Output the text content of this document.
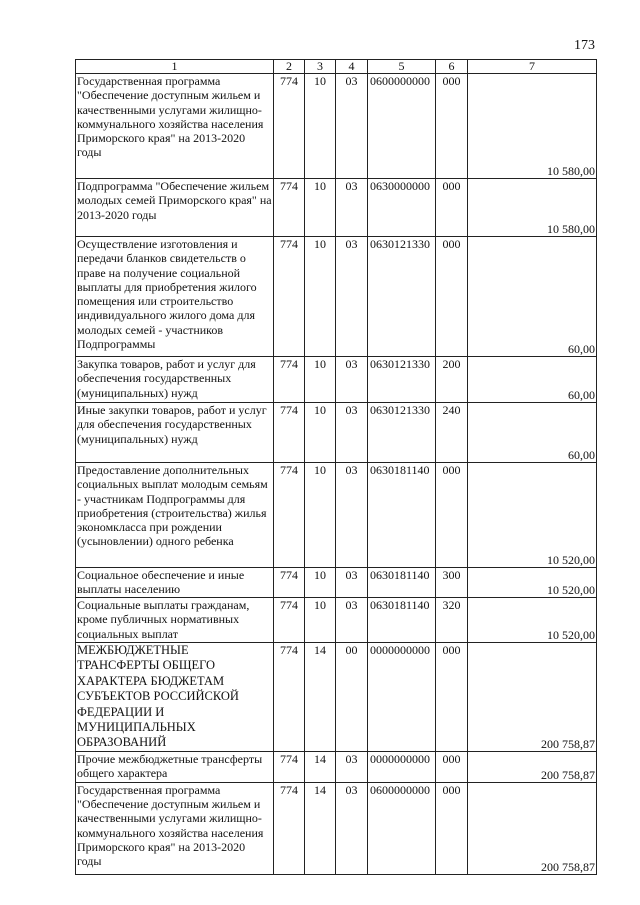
173
1	2	3	4	5	6	7
Государственная программа "Обеспечение доступным жильем и качественными услугами жилищно-коммунального хозяйства населения Приморского края" на 2013-2020 годы	774	10	03	0600000000	000	10 580,00
Подпрограмма "Обеспечение жильем молодых семей Приморского края" на 2013-2020 годы	774	10	03	0630000000	000	10 580,00
Осуществление изготовления и передачи бланков свидетельств о праве на получение социальной выплаты для приобретения жилого помещения или строительство индивидуального жилого дома для молодых семей - участников Подпрограммы	774	10	03	0630121330	000	60,00
Закупка товаров, работ и услуг для обеспечения государственных (муниципальных) нужд	774	10	03	0630121330	200	60,00
Иные закупки товаров, работ и услуг для обеспечения государственных (муниципальных) нужд	774	10	03	0630121330	240	60,00
Предоставление дополнительных социальных выплат молодым семьям - участникам Подпрограммы для приобретения (строительства) жилья экономкласса при рождении (усыновлении) одного ребенка	774	10	03	0630181140	000	10 520,00
Социальное обеспечение и иные выплаты населению	774	10	03	0630181140	300	10 520,00
Социальные выплаты гражданам, кроме публичных нормативных социальных выплат	774	10	03	0630181140	320	10 520,00
МЕЖБЮДЖЕТНЫЕ ТРАНСФЕРТЫ ОБЩЕГО ХАРАКТЕРА БЮДЖЕТАМ СУБЪЕКТОВ РОССИЙСКОЙ ФЕДЕРАЦИИ И МУНИЦИПАЛЬНЫХ ОБРАЗОВАНИЙ	774	14	00	0000000000	000	200 758,87
Прочие межбюджетные трансферты общего характера	774	14	03	0000000000	000	200 758,87
Государственная программа "Обеспечение доступным жильем и качественными услугами жилищно-коммунального хозяйства населения Приморского края" на 2013-2020 годы	774	14	03	0600000000	000	200 758,87
